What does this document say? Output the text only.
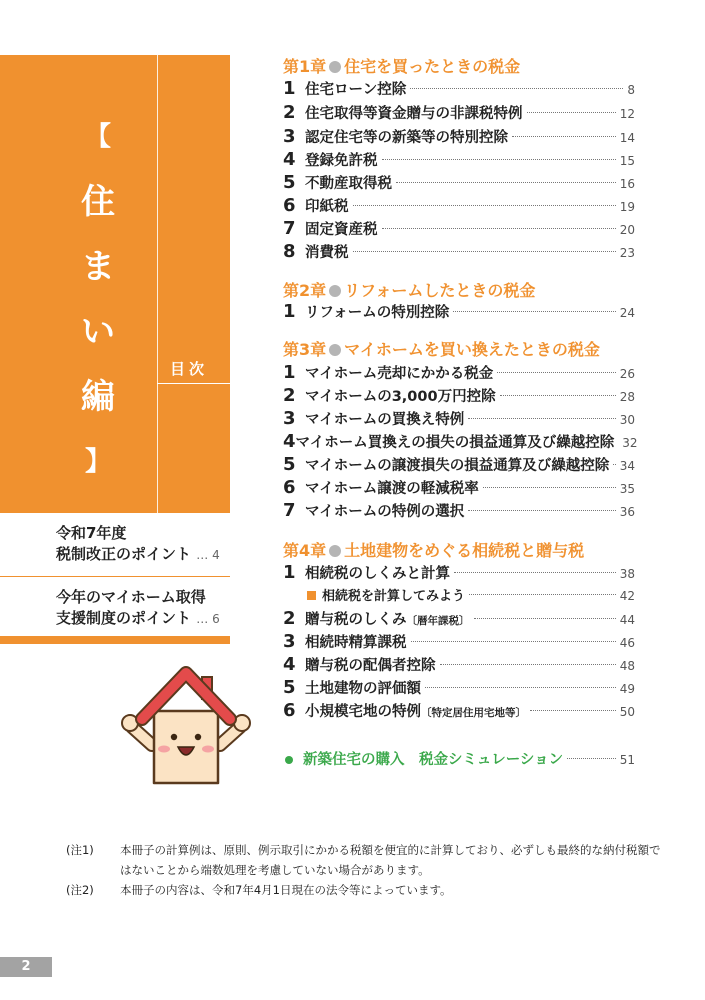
【
住
ま
い
編
】
目次
令和7年度
税制改正のポイント … 4
今年のマイホーム取得
支援制度のポイント … 6
第1章 住宅を買ったときの税金
1 住宅ローン控除	8
2 住宅取得等資金贈与の非課税特例	12
3 認定住宅等の新築等の特別控除	14
4 登録免許税	15
5 不動産取得税	16
6 印紙税	19
7 固定資産税	20
8 消費税	23
第2章 リフォームしたときの税金
1 リフォームの特別控除	24
第3章 マイホームを買い換えたときの税金
1 マイホーム売却にかかる税金	26
2 マイホームの3,000万円控除	28
3 マイホームの買換え特例	30
4 マイホーム買換えの損失の損益通算及び繰越控除 32
5 マイホームの譲渡損失の損益通算及び繰越控除 34
6 マイホーム譲渡の軽減税率	35
7 マイホームの特例の選択	36
第4章 土地建物をめぐる相続税と贈与税
1 相続税のしくみと計算	38
相続税を計算してみよう	42
2 贈与税のしくみ 〔暦年課税〕	44
3 相続時精算課税	46
4 贈与税の配偶者控除	48
5 土地建物の評価額	49
6 小規模宅地の特例 〔特定居住用宅地等〕	50
新築住宅の購入　税金シミュレーション	51
(注1)	本冊子の計算例は、原則、例示取引にかかる税額を便宜的に計算しており、必ずしも最終的な納付税額で
はないことから端数処理を考慮していない場合があります。
(注2)	本冊子の内容は、令和7年4月1日現在の法令等によっています。
2
